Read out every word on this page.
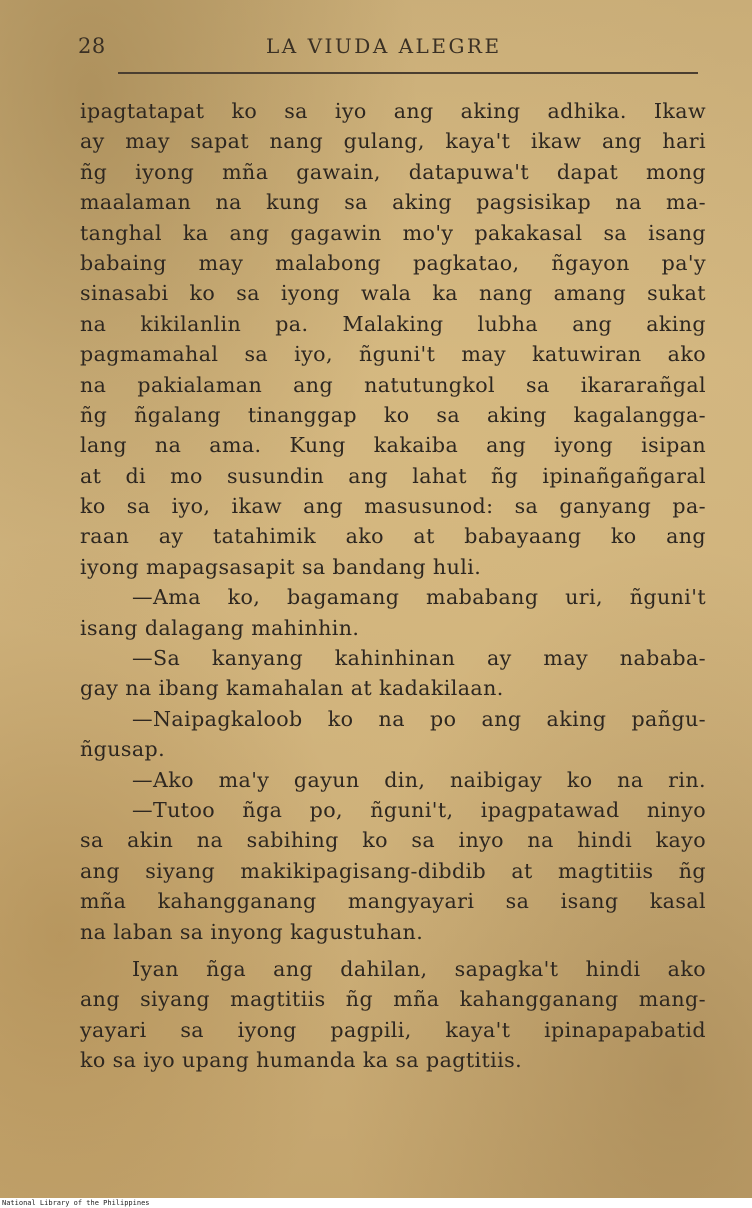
28	LA VIUDA ALEGRE
ipagtatapat ko sa iyo ang aking adhika. Ikaw
ay may sapat nang gulang, kaya't ikaw ang hari
ñg iyong mña gawain, datapuwa't dapat mong
maalaman na kung sa aking pagsisikap na ma-
tanghal ka ang gagawin mo'y pakakasal sa isang
babaing may malabong pagkatao, ñgayon pa'y
sinasabi ko sa iyong wala ka nang amang sukat
na kikilanlin pa. Malaking lubha ang aking
pagmamahal sa iyo, ñguni't may katuwiran ako
na pakialaman ang natutungkol sa ikararañgal
ñg ñgalang tinanggap ko sa aking kagalangga-
lang na ama. Kung kakaiba ang iyong isipan
at di mo susundin ang lahat ñg ipinañgañgaral
ko sa iyo, ikaw ang masusunod: sa ganyang pa-
raan ay tatahimik ako at babayaang ko ang
iyong mapagsasapit sa bandang huli.
—Ama ko, bagamang mababang uri, ñguni't
isang dalagang mahinhin.
—Sa kanyang kahinhinan ay may nababa-
gay na ibang kamahalan at kadakilaan.
—Naipagkaloob ko na po ang aking pañgu-
ñgusap.
—Ako ma'y gayun din, naibigay ko na rin.
—Tutoo ñga po, ñguni't, ipagpatawad ninyo
sa akin na sabihing ko sa inyo na hindi kayo
ang siyang makikipagisang-dibdib at magtitiis ñg
mña kahangganang mangyayari sa isang kasal
na laban sa inyong kagustuhan.
Iyan ñga ang dahilan, sapagka't hindi ako
ang siyang magtitiis ñg mña kahangganang mang-
yayari sa iyong pagpili, kaya't ipinapapabatid
ko sa iyo upang humanda ka sa pagtitiis.
National Library of the Philippines
